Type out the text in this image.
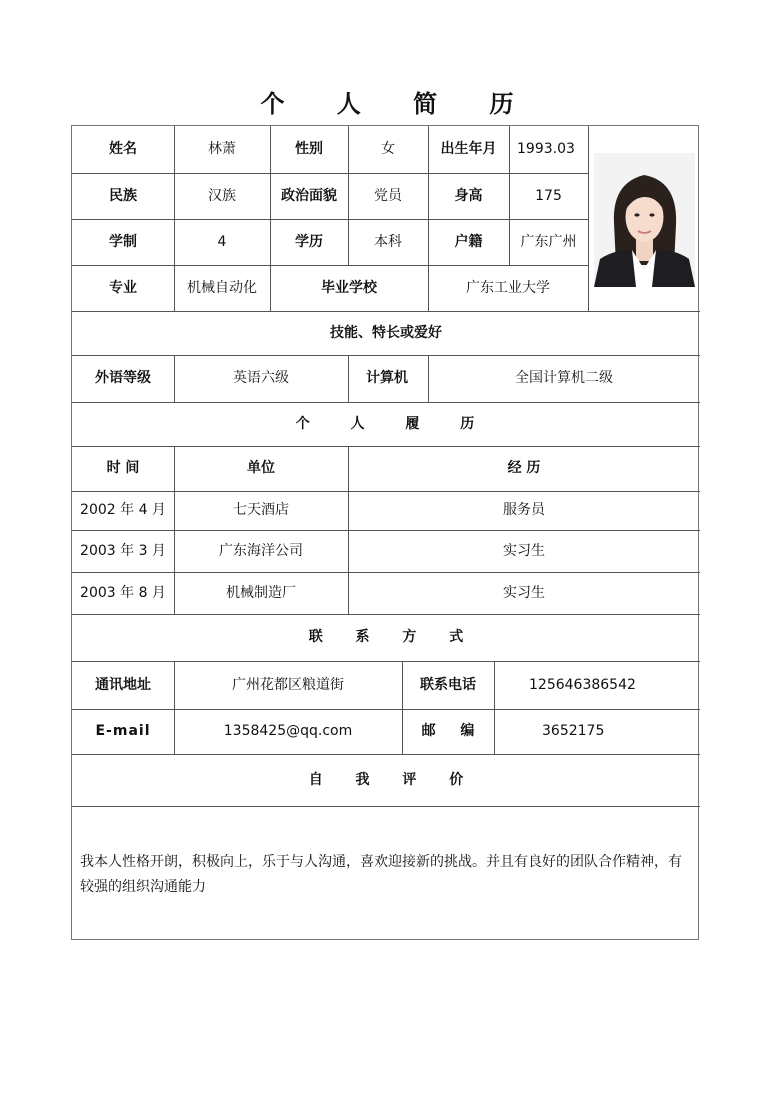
个 人 简 历
姓名	林萧	性别	女	出生年月	1993.03
民族	汉族	政治面貌	党员	身高	175
学制	4	学历	本科	户籍	广东广州
专业	机械自动化	毕业学校	广东工业大学
技能、特长或爱好
外语等级	英语六级	计算机	全国计算机二级
个 人 履 历
时 间	单位	经 历
2002 年 4 月	七天酒店	服务员
2003 年 3 月	广东海洋公司	实习生
2003 年 8 月	机械制造厂	实习生
联 系 方 式
通讯地址	广州花都区粮道街	联系电话	125646386542
E-mail	1358425@qq.com	邮 编	3652175
自 我 评 价
我本人性格开朗，积极向上，乐于与人沟通，喜欢迎接新的挑战。并且有良好的团队合作精神，有较强的组织沟通能力
